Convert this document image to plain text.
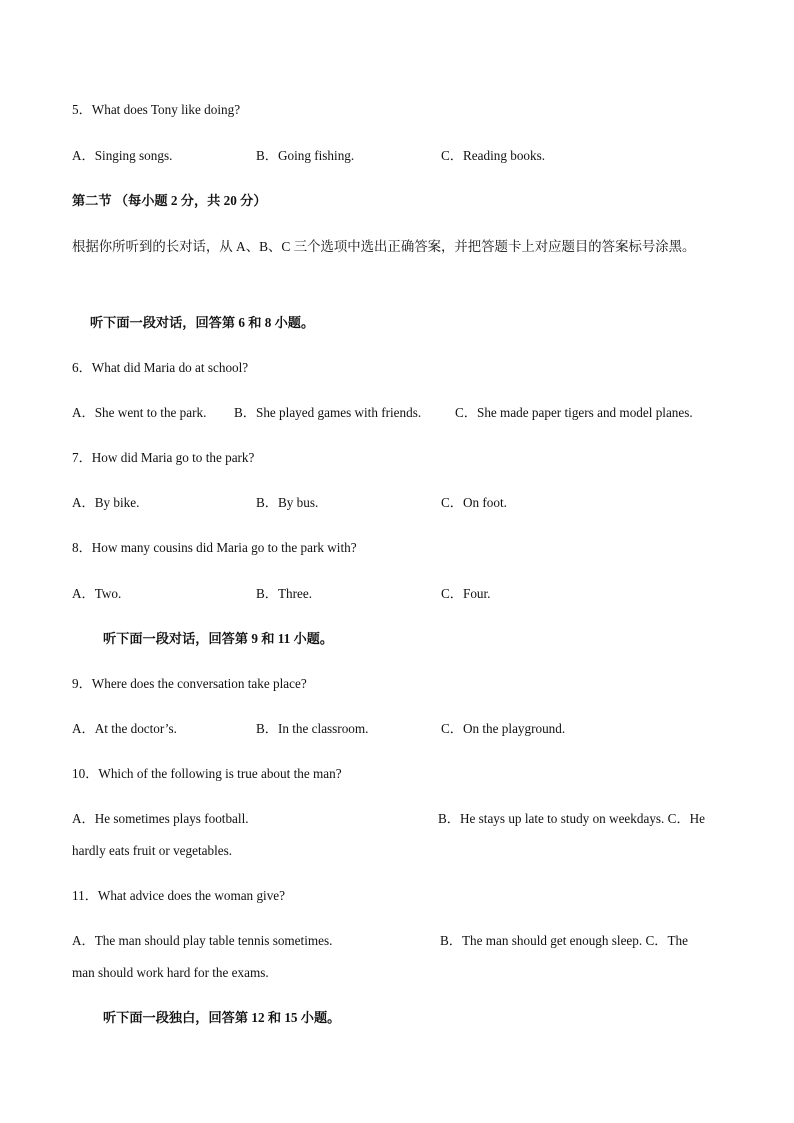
5．What does Tony like doing?

A．Singing songs.	B．Going fishing.	C．Reading books.

第二节 （每小题 2 分，共 20 分）

根据你所听到的长对话，从 A、B、C 三个选项中选出正确答案，并把答题卡上对应题目的答案标号涂黑。

听下面一段对话，回答第 6 和 8 小题。

6．What did Maria do at school?

A．She went to the park. B．She played games with friends.	C．She made paper tigers and model planes.

7．How did Maria go to the park?

A．By bike.	B．By bus.	C．On foot.

8．How many cousins did Maria go to the park with?

A．Two.	B．Three.	C．Four.

听下面一段对话，回答第 9 和 11 小题。

9．Where does the conversation take place?

A．At the doctor’s.	B．In the classroom.	C．On the playground.

10．Which of the following is true about the man?

A．He sometimes plays football.	B．He stays up late to study on weekdays. C．He

hardly eats fruit or vegetables.

11．What advice does the woman give?

A．The man should play table tennis sometimes.	B．The man should get enough sleep. C．The

man should work hard for the exams.

听下面一段独白，回答第 12 和 15 小题。
